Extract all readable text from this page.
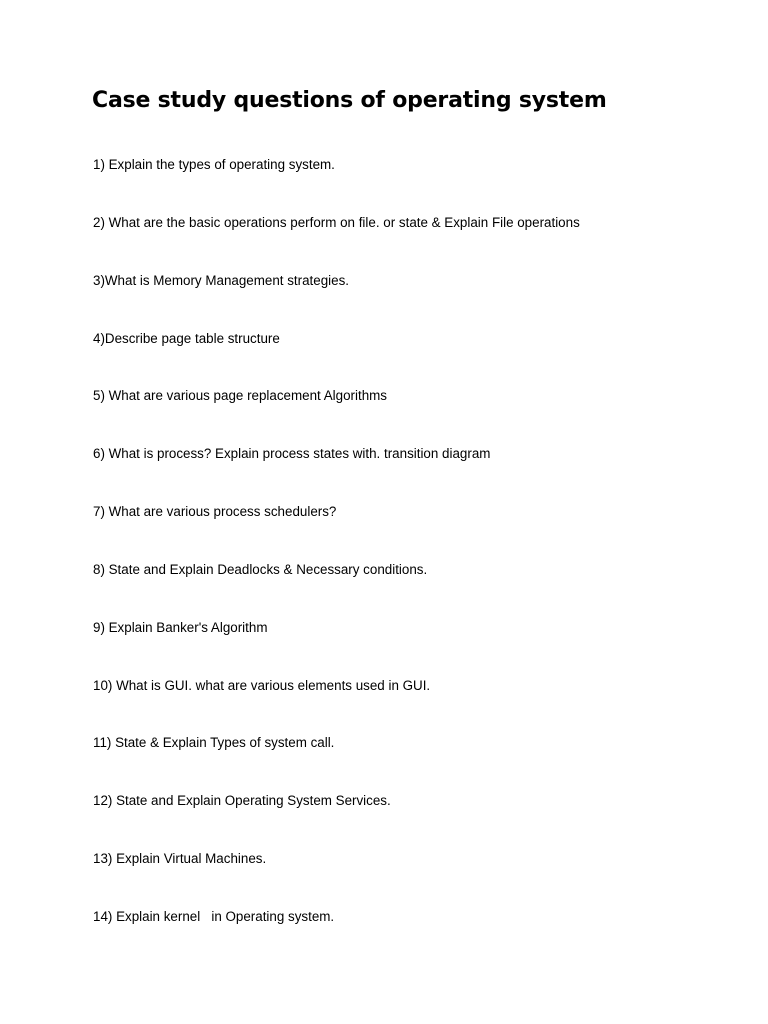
Case study questions of operating system
1) Explain the types of operating system.
2) What are the basic operations perform on file. or state & Explain File operations
3)What is Memory Management strategies.
4)Describe page table structure
5) What are various page replacement Algorithms
6) What is process? Explain process states with. transition diagram
7) What are various process schedulers?
8) State and Explain Deadlocks & Necessary conditions.
9) Explain Banker's Algorithm
10) What is GUI. what are various elements used in GUI.
11) State & Explain Types of system call.
12) State and Explain Operating System Services.
13) Explain Virtual Machines.
14) Explain kernel   in Operating system.
